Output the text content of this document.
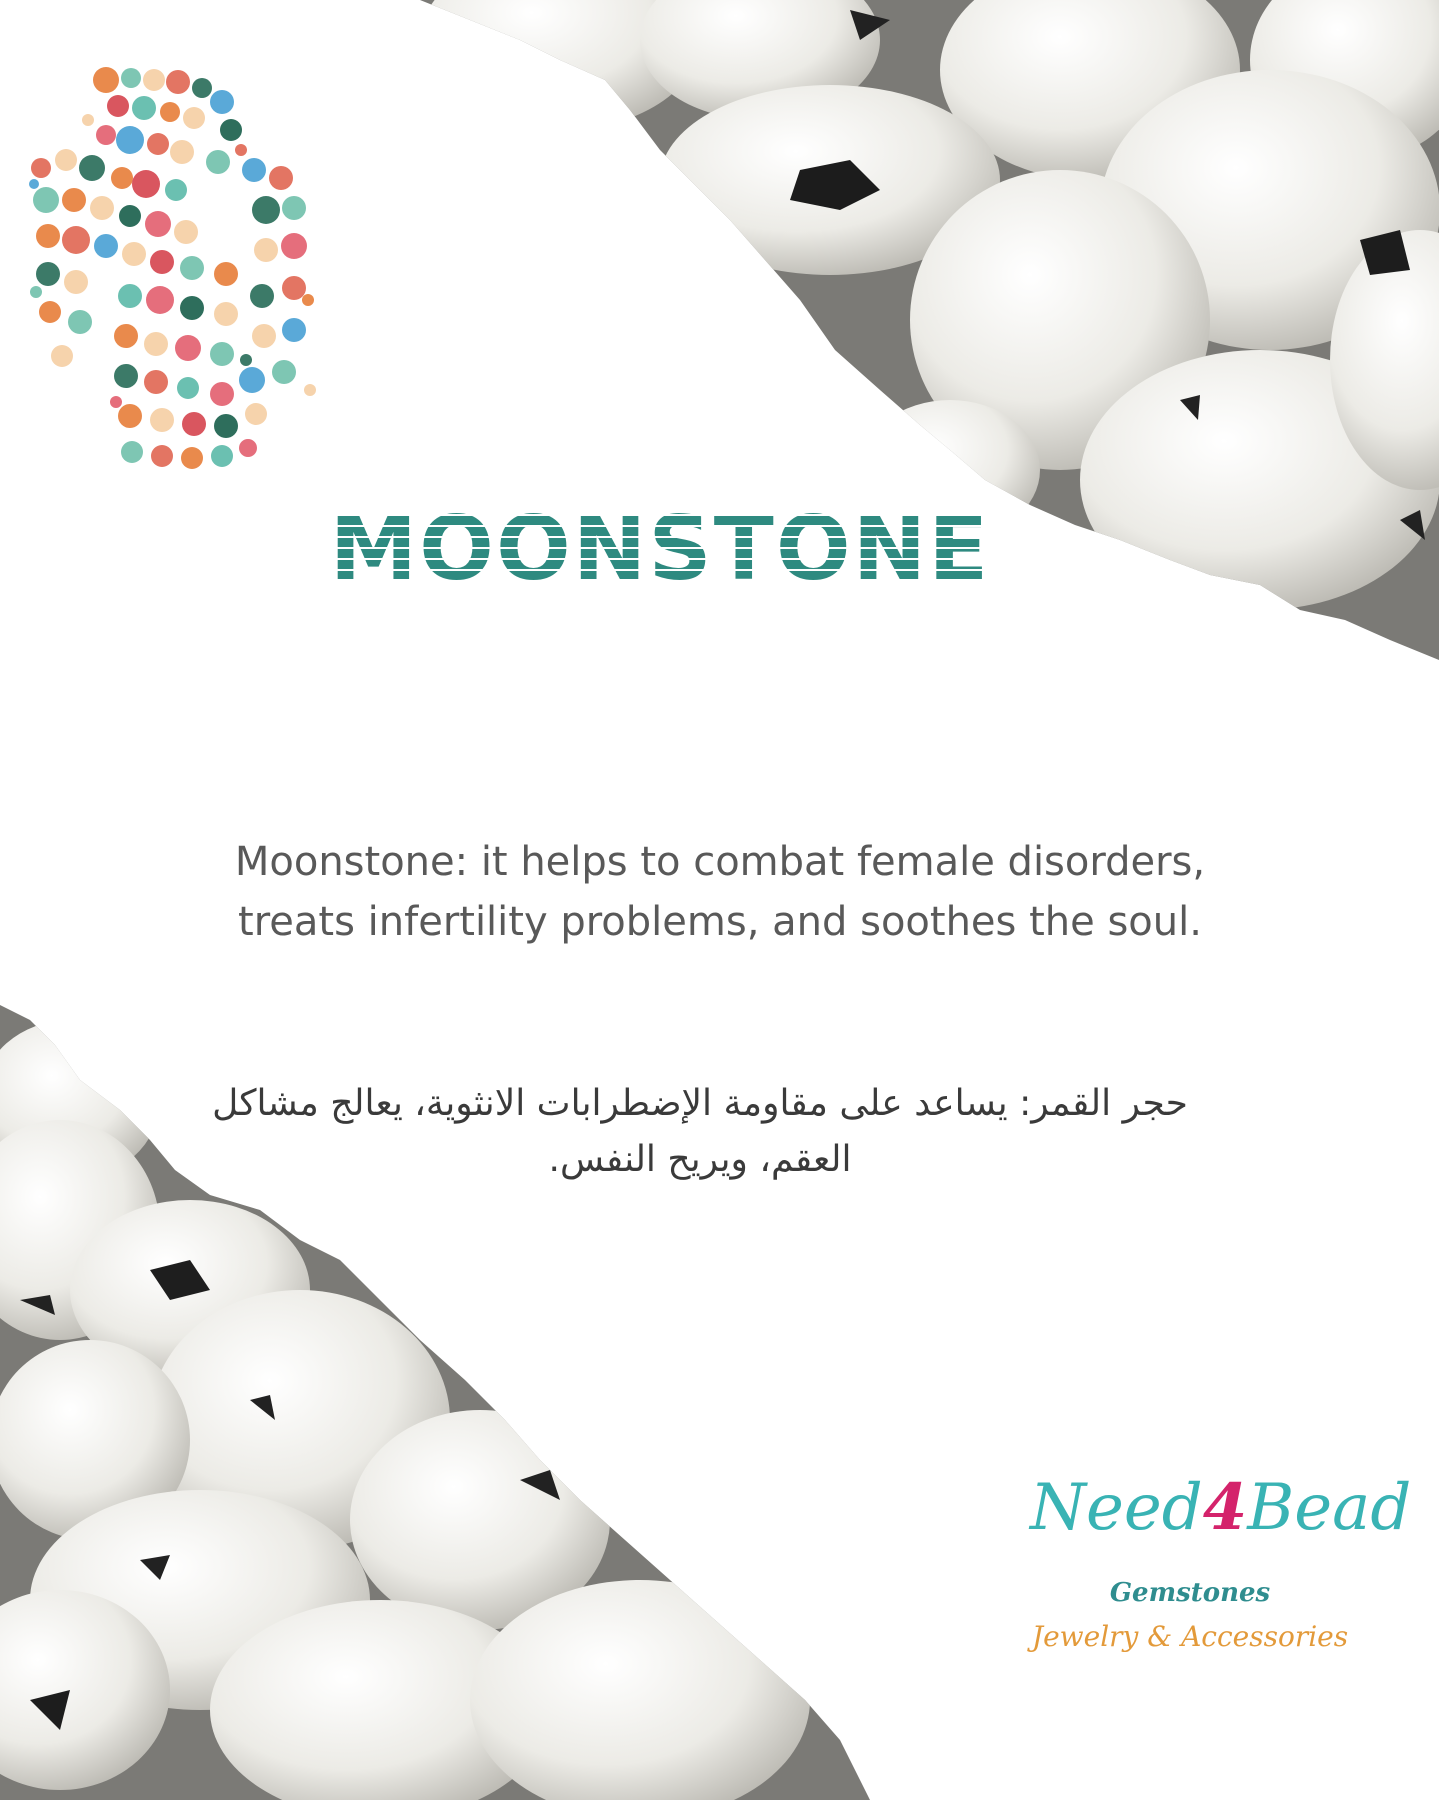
MOONSTONE

Moonstone: it helps to combat female disorders, treats infertility problems, and soothes the soul.

حجر القمر: يساعد على مقاومة الإضطرابات الانثوية، يعالج مشاكل العقم، ويريح النفس.

Need4Bead
Gemstones
Jewelry & Accessories
